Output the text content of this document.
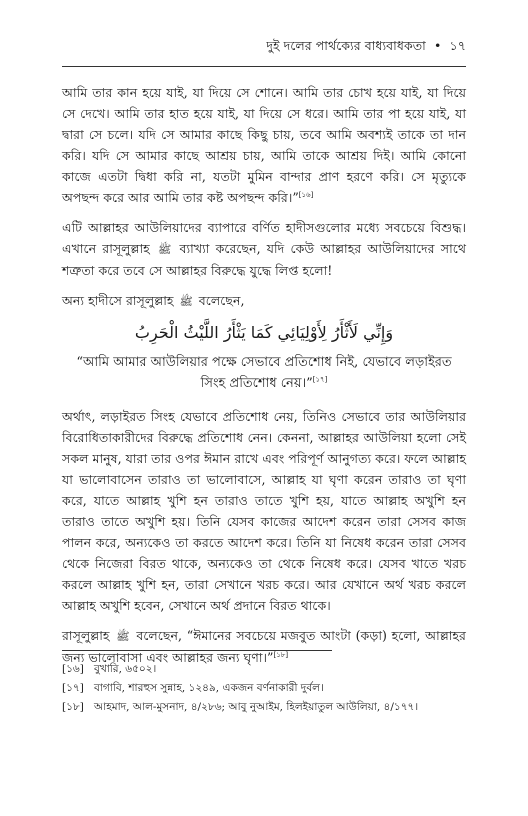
দুই দলের পার্থক্যের বাধ্যবাধকতা • ১৭

আমি তার কান হয়ে যাই, যা দিয়ে সে শোনে। আমি তার চোখ হয়ে যাই, যা দিয়ে সে দেখে। আমি তার হাত হয়ে যাই, যা দিয়ে সে ধরে। আমি তার পা হয়ে যাই, যা দ্বারা সে চলে। যদি সে আমার কাছে কিছু চায়, তবে আমি অবশ্যই তাকে তা দান করি। যদি সে আমার কাছে আশ্রয় চায়, আমি তাকে আশ্রয় দিই। আমি কোনো কাজে এতটা দ্বিধা করি না, যতটা মুমিন বান্দার প্রাণ হরণে করি। সে মৃত্যুকে অপছন্দ করে আর আমি তার কষ্ট অপছন্দ করি।”[১৬]

এটি আল্লাহর আউলিয়াদের ব্যাপারে বর্ণিত হাদীসগুলোর মধ্যে সবচেয়ে বিশুদ্ধ। এখানে রাসূলুল্লাহ ﷺ ব্যাখ্যা করেছেন, যদি কেউ আল্লাহর আউলিয়াদের সাথে শত্রুতা করে তবে সে আল্লাহর বিরুদ্ধে যুদ্ধে লিপ্ত হলো!

অন্য হাদীসে রাসূলুল্লাহ ﷺ বলেছেন,

وَإِنِّي لَأَثْأَرُ لِأَوْلِيَائِي كَمَا يَثْأَرُ اللَّيْثُ الْحَرِبُ
“আমি আমার আউলিয়ার পক্ষে সেভাবে প্রতিশোধ নিই, যেভাবে লড়াইরত সিংহ প্রতিশোধ নেয়।”[১৭]

অর্থাৎ, লড়াইরত সিংহ যেভাবে প্রতিশোধ নেয়, তিনিও সেভাবে তার আউলিয়ার বিরোধিতাকারীদের বিরুদ্ধে প্রতিশোধ নেন। কেননা, আল্লাহর আউলিয়া হলো সেই সকল মানুষ, যারা তার ওপর ঈমান রাখে এবং পরিপূর্ণ আনুগত্য করে। ফলে আল্লাহ যা ভালোবাসেন তারাও তা ভালোবাসে, আল্লাহ যা ঘৃণা করেন তারাও তা ঘৃণা করে, যাতে আল্লাহ খুশি হন তারাও তাতে খুশি হয়, যাতে আল্লাহ অখুশি হন তারাও তাতে অখুশি হয়। তিনি যেসব কাজের আদেশ করেন তারা সেসব কাজ পালন করে, অন্যকেও তা করতে আদেশ করে। তিনি যা নিষেধ করেন তারা সেসব থেকে নিজেরা বিরত থাকে, অন্যকেও তা থেকে নিষেধ করে। যেসব খাতে খরচ করলে আল্লাহ খুশি হন, তারা সেখানে খরচ করে। আর যেখানে অর্থ খরচ করলে আল্লাহ অখুশি হবেন, সেখানে অর্থ প্রদানে বিরত থাকে।

রাসূলুল্লাহ ﷺ বলেছেন, “ঈমানের সবচেয়ে মজবুত আংটা (কড়া) হলো, আল্লাহর জন্য ভালোবাসা এবং আল্লাহর জন্য ঘৃণা।”[১৮]

[১৬] বুখারি, ৬৫০২।
[১৭] বাগাবি, শারহুস সুন্নাহ, ১২৪৯, একজন বর্ণনাকারী দুর্বল।
[১৮] আহমাদ, আল-মুসনাদ, ৪/২৮৬; আবু নুআইম, হিলইয়াতুল আউলিয়া, ৪/১৭৭।
